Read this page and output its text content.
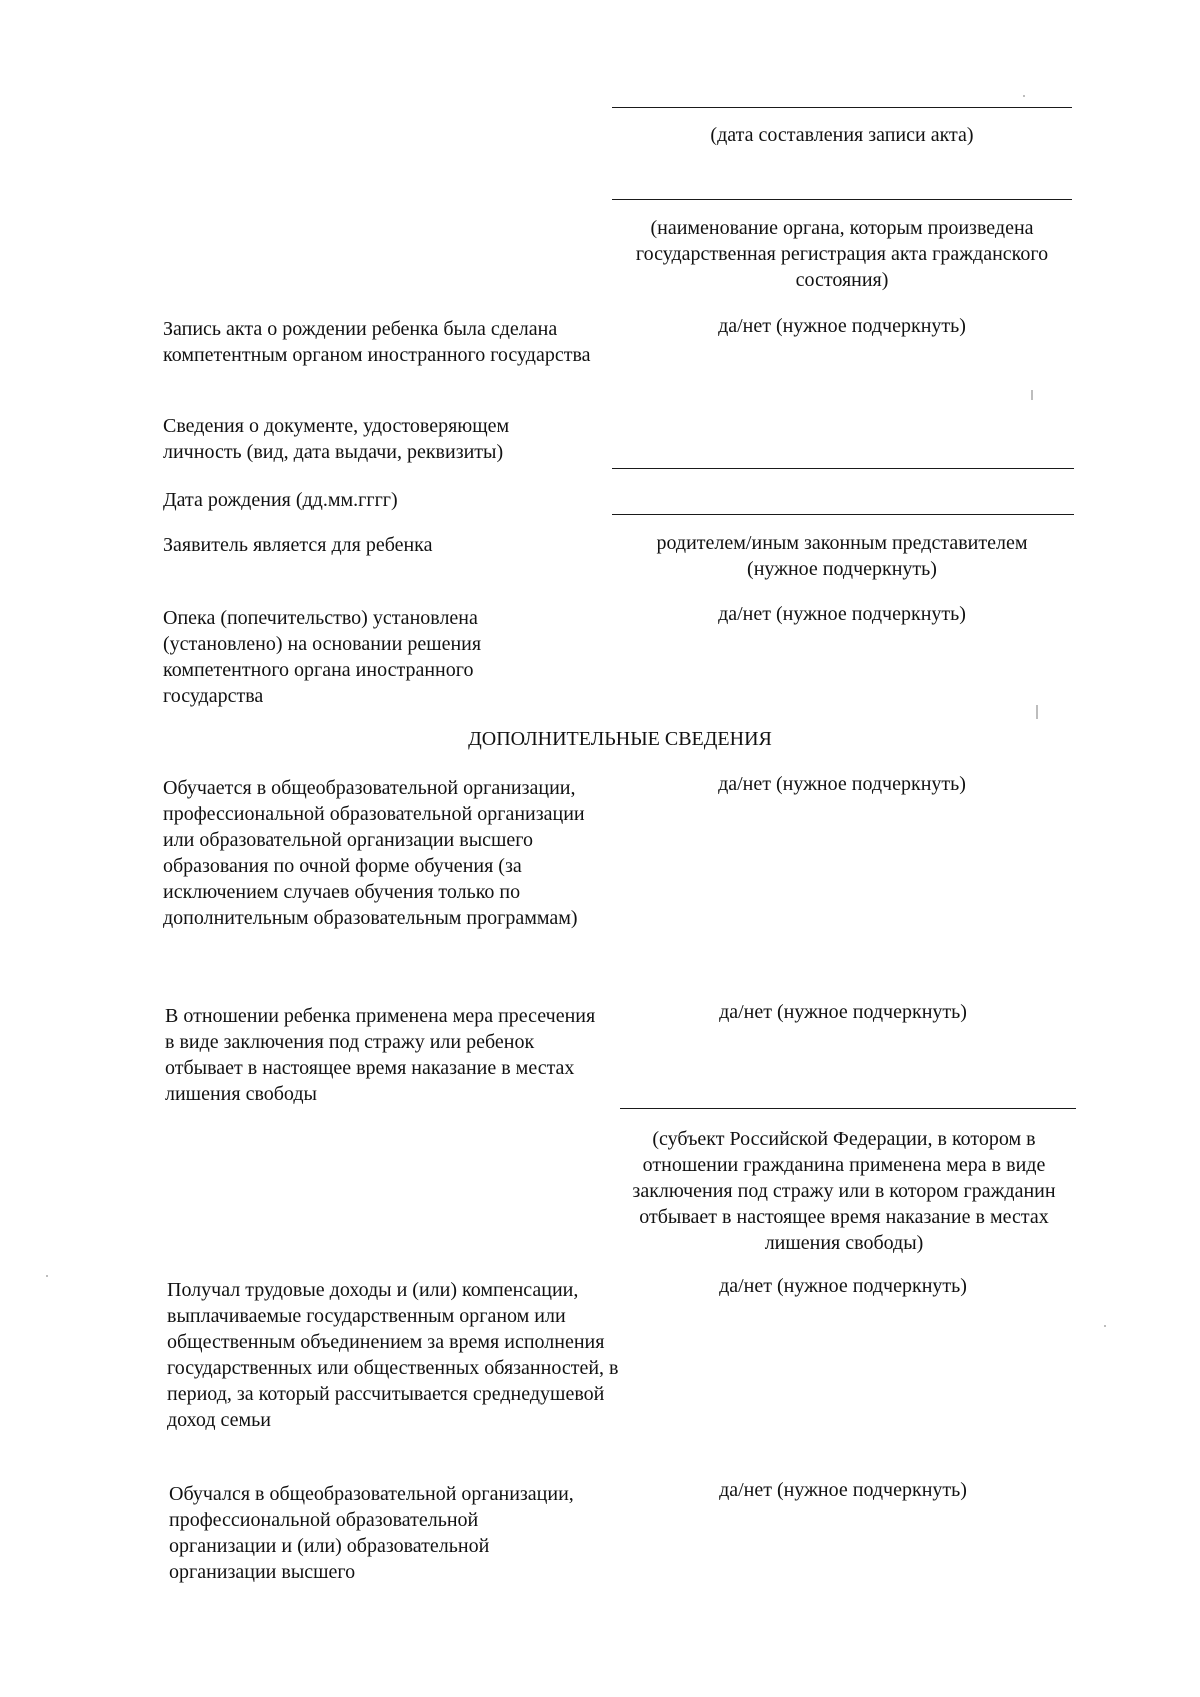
(дата составления записи акта)

(наименование органа, которым произведена государственная регистрация акта гражданского состояния)

Запись акта о рождении ребенка была сделана компетентным органом иностранного государства

да/нет (нужное подчеркнуть)

Сведения о документе, удостоверяющем личность (вид, дата выдачи, реквизиты)

Дата рождения (дд.мм.гггг)

Заявитель является для ребенка	родителем/иным законным представителем (нужное подчеркнуть)

Опека (попечительство) установлена (установлено) на основании решения компетентного органа иностранного государства

да/нет (нужное подчеркнуть)

ДОПОЛНИТЕЛЬНЫЕ СВЕДЕНИЯ

Обучается в общеобразовательной организации, профессиональной образовательной организации или образовательной организации высшего образования по очной форме обучения (за исключением случаев обучения только по дополнительным образовательным программам)

да/нет (нужное подчеркнуть)

В отношении ребенка применена мера пресечения в виде заключения под стражу или ребенок отбывает в настоящее время наказание в местах лишения свободы

да/нет (нужное подчеркнуть)

(субъект Российской Федерации, в котором в отношении гражданина применена мера в виде заключения под стражу или в котором гражданин отбывает в настоящее время наказание в местах лишения свободы)

Получал трудовые доходы и (или) компенсации, выплачиваемые государственным органом или общественным объединением за время исполнения государственных или общественных обязанностей, в период, за который рассчитывается среднедушевой доход семьи

да/нет (нужное подчеркнуть)

Обучался в общеобразовательной организации, профессиональной образовательной организации и (или) образовательной организации высшего

да/нет (нужное подчеркнуть)
